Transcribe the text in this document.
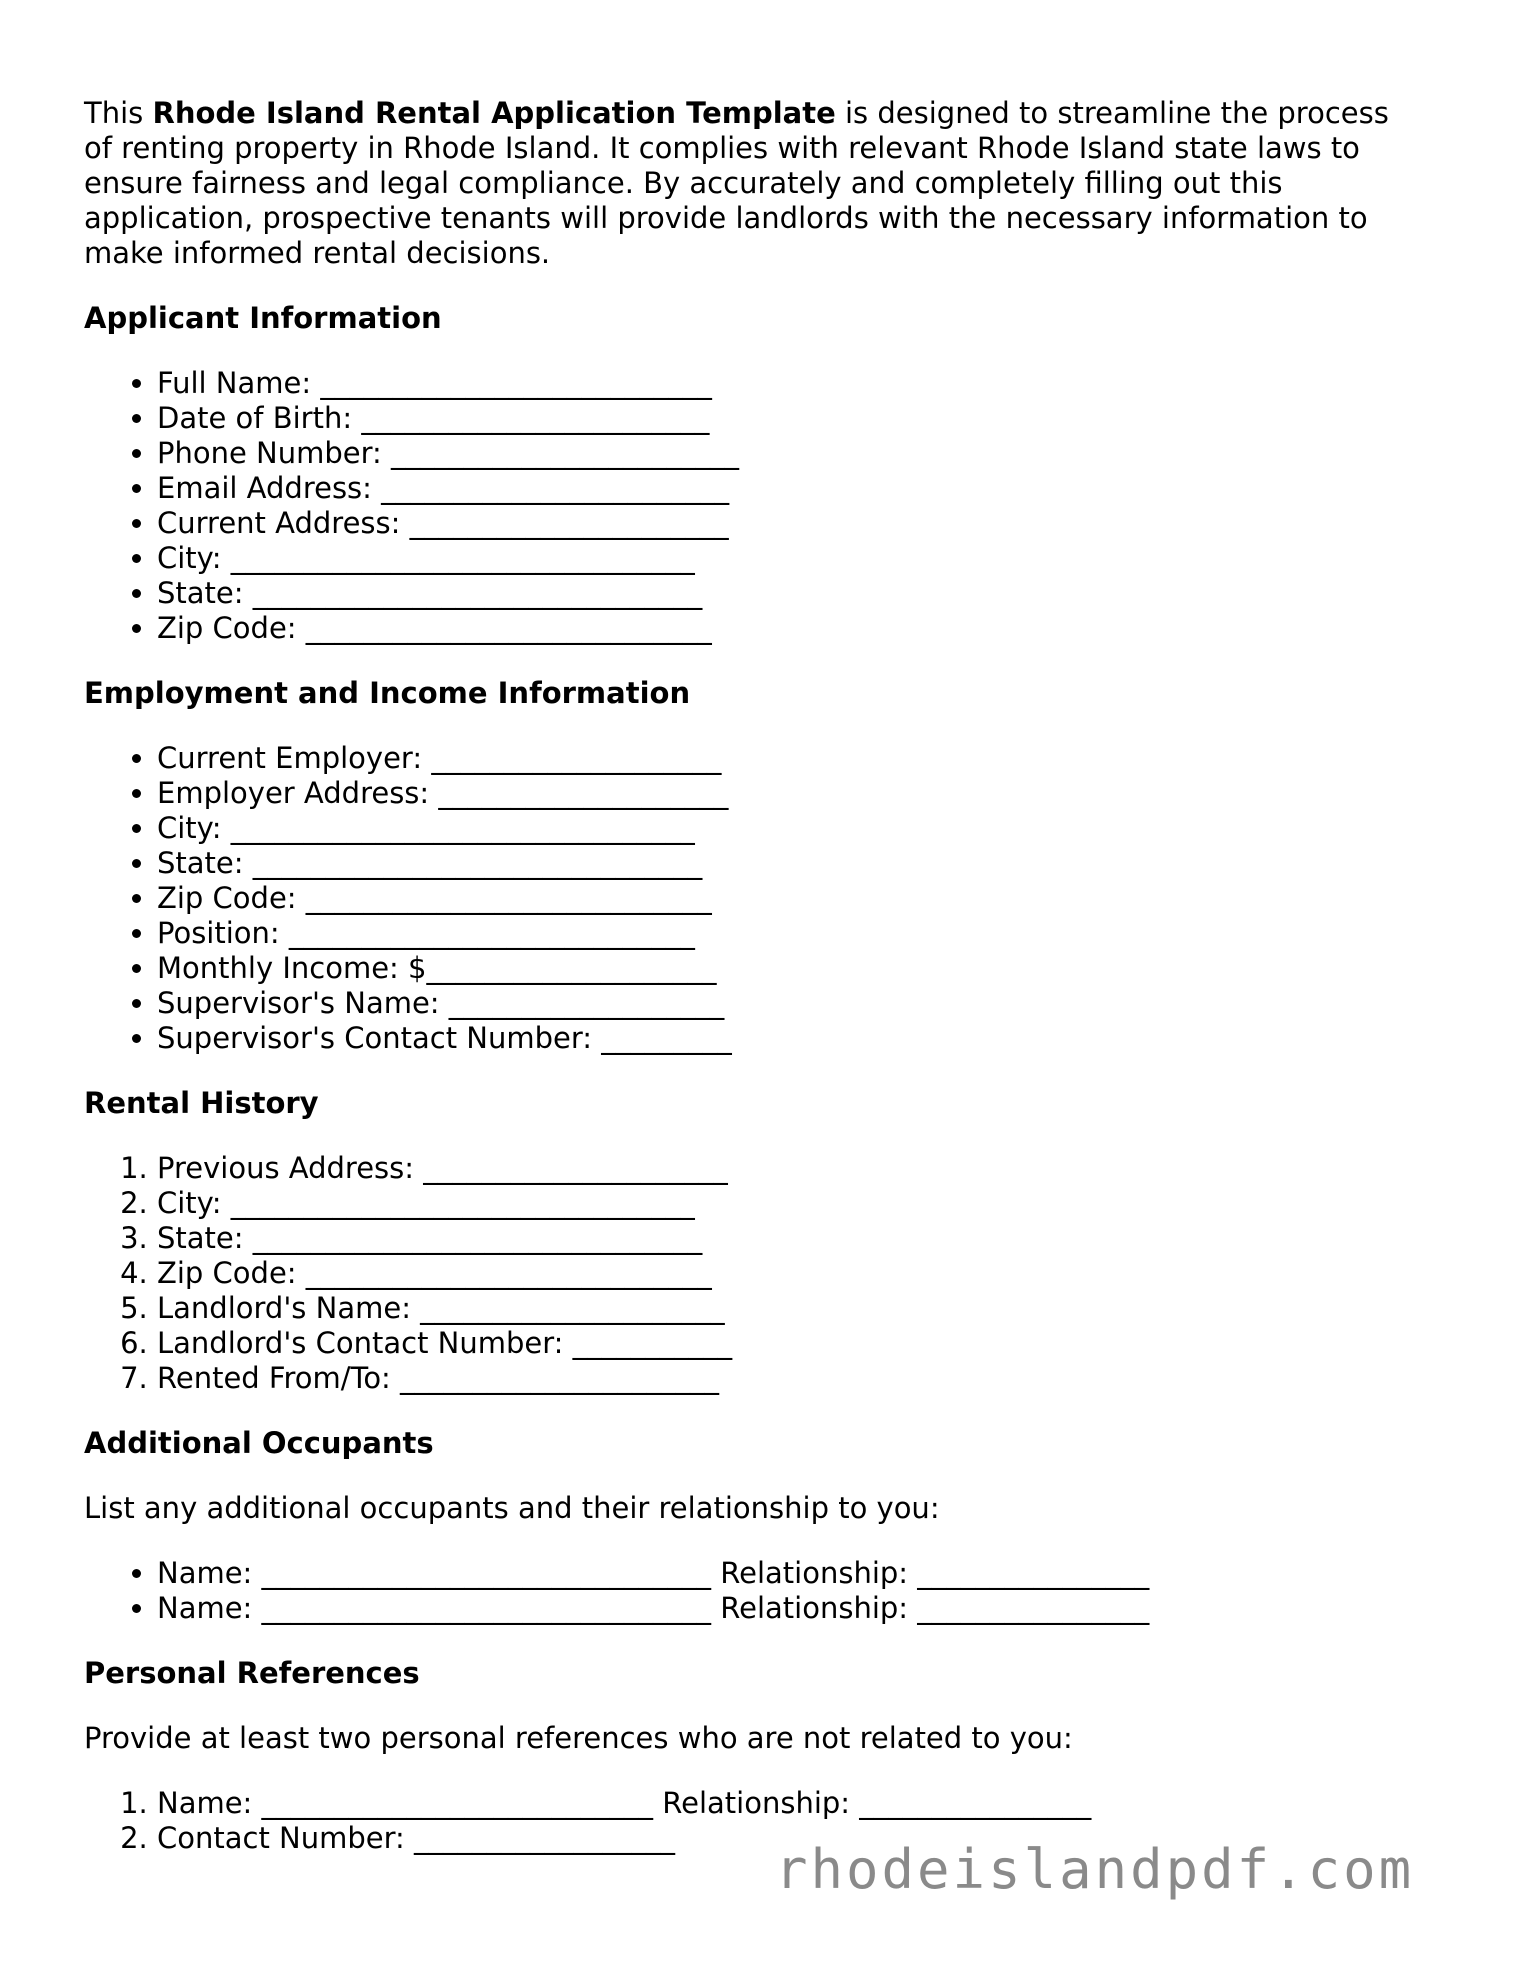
This Rhode Island Rental Application Template is designed to streamline the process of renting property in Rhode Island. It complies with relevant Rhode Island state laws to ensure fairness and legal compliance. By accurately and completely filling out this application, prospective tenants will provide landlords with the necessary information to make informed rental decisions.

Applicant Information
• Full Name: ___________________________
• Date of Birth: ________________________
• Phone Number: ________________________
• Email Address: ________________________
• Current Address: ______________________
• City: ________________________________
• State: _______________________________
• Zip Code: ____________________________
Employment and Income Information
• Current Employer: ____________________
• Employer Address: ____________________
• City: ________________________________
• State: _______________________________
• Zip Code: ____________________________
• Position: ____________________________
• Monthly Income: $____________________
• Supervisor's Name: ___________________
• Supervisor's Contact Number: _________
Rental History
1. Previous Address: _____________________
2. City: ________________________________
3. State: _______________________________
4. Zip Code: ____________________________
5. Landlord's Name: _____________________
6. Landlord's Contact Number: ___________
7. Rented From/To: ______________________
Additional Occupants

List any additional occupants and their relationship to you:

• Name: _______________________________ Relationship: ________________
• Name: _______________________________ Relationship: ________________
Personal References

Provide at least two personal references who are not related to you:

1. Name: ___________________________ Relationship: ________________
2. Contact Number: __________________	rhodeislandpdf.com
